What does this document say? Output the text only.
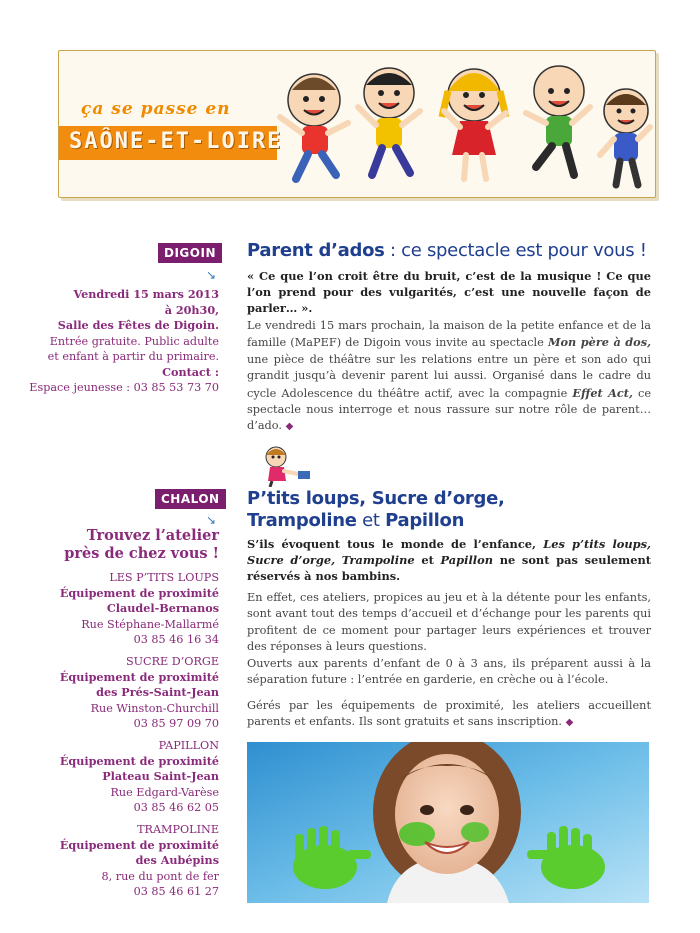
ça se passe en
SAÔNE-ET-LOIRE
DIGOIN
↘
Vendredi 15 mars 2013
à 20h30,
Salle des Fêtes de Digoin.
Entrée gratuite. Public adulte
et enfant à partir du primaire.
Contact :
Espace jeunesse : 03 85 53 73 70
Parent d’ados : ce spectacle est pour vous !
« Ce que l’on croit être du bruit, c’est de la musique ! Ce que l’on prend pour des vulgarités, c’est une nouvelle façon de parler… ».
Le vendredi 15 mars prochain, la maison de la petite enfance et de la famille (MaPEF) de Digoin vous invite au spectacle Mon père à dos, une pièce de théâtre sur les relations entre un père et son ado qui grandit jusqu’à devenir parent lui aussi. Organisé dans le cadre du cycle Adolescence du théâtre actif, avec la compagnie Effet Act, ce spectacle nous interroge et nous rassure sur notre rôle de parent… d’ado. ◆
CHALON
↘
Trouvez l’atelier
près de chez vous !
LES P’TITS LOUPS
Équipement de proximité
Claudel-Bernanos
Rue Stéphane-Mallarmé
03 85 46 16 34
SUCRE D’ORGE
Équipement de proximité
des Prés-Saint-Jean
Rue Winston-Churchill
03 85 97 09 70
PAPILLON
Équipement de proximité
Plateau Saint-Jean
Rue Edgard-Varèse
03 85 46 62 05
TRAMPOLINE
Équipement de proximité
des Aubépins
8, rue du pont de fer
03 85 46 61 27
P’tits loups, Sucre d’orge,
Trampoline et Papillon
S’ils évoquent tous le monde de l’enfance, Les p’tits loups, Sucre d’orge, Trampoline et Papillon ne sont pas seulement réservés à nos bambins.
En effet, ces ateliers, propices au jeu et à la détente pour les enfants, sont avant tout des temps d’accueil et d’échange pour les parents qui profitent de ce moment pour partager leurs expériences et trouver des réponses à leurs questions.
Ouverts aux parents d’enfant de 0 à 3 ans, ils préparent aussi à la séparation future : l’entrée en garderie, en crèche ou à l’école.
Gérés par les équipements de proximité, les ateliers accueillent parents et enfants. Ils sont gratuits et sans inscription. ◆
